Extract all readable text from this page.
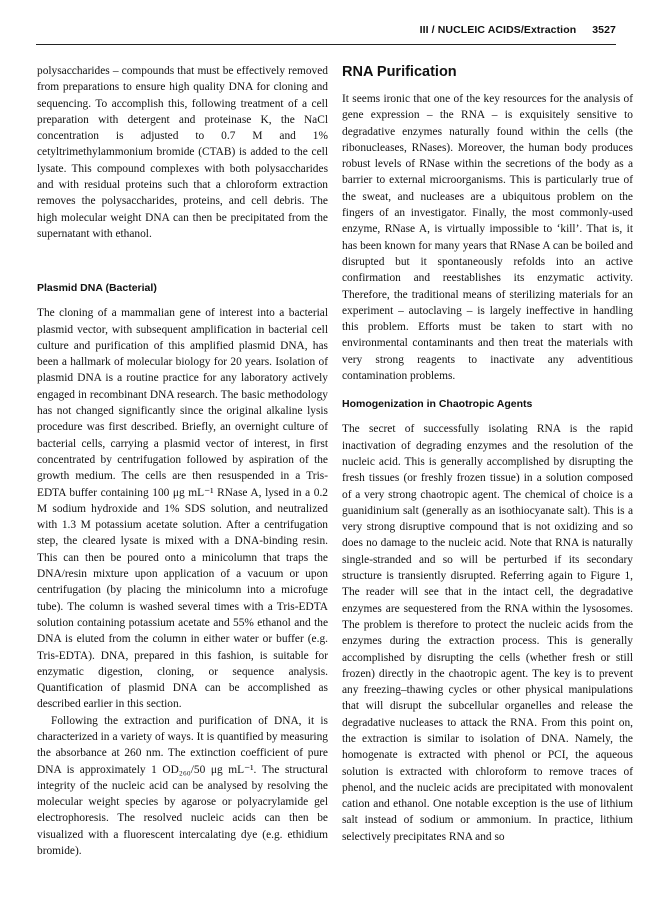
III / NUCLEIC ACIDS/Extraction 3527

polysaccharides – compounds that must be effectively removed from preparations to ensure high quality DNA for cloning and sequencing. To accomplish this, following treatment of a cell preparation with detergent and proteinase K, the NaCl concentration is adjusted to 0.7 M and 1% cetyltrimethylammonium bromide (CTAB) is added to the cell lysate. This compound complexes with both polysaccharides and with residual proteins such that a chloroform extraction removes the polysaccharides, proteins, and cell debris. The high molecular weight DNA can then be precipitated from the supernatant with ethanol.

Plasmid DNA (Bacterial)

The cloning of a mammalian gene of interest into a bacterial plasmid vector, with subsequent amplification in bacterial cell culture and purification of this amplified plasmid DNA, has been a hallmark of molecular biology for 20 years. Isolation of plasmid DNA is a routine practice for any laboratory actively engaged in recombinant DNA research. The basic methodology has not changed significantly since the original alkaline lysis procedure was first described. Briefly, an overnight culture of bacterial cells, carrying a plasmid vector of interest, in first concentrated by centrifugation followed by aspiration of the growth medium. The cells are then resuspended in a Tris-EDTA buffer containing 100 μg mL⁻¹ RNase A, lysed in a 0.2 M sodium hydroxide and 1% SDS solution, and neutralized with 1.3 M potassium acetate solution. After a centrifugation step, the cleared lysate is mixed with a DNA-binding resin. This can then be poured onto a minicolumn that traps the DNA/resin mixture upon application of a vacuum or upon centrifugation (by placing the minicolumn into a microfuge tube). The column is washed several times with a Tris-EDTA solution containing potassium acetate and 55% ethanol and the DNA is eluted from the column in either water or buffer (e.g. Tris-EDTA). DNA, prepared in this fashion, is suitable for enzymatic digestion, cloning, or sequence analysis. Quantification of plasmid DNA can be accomplished as described earlier in this section.

Following the extraction and purification of DNA, it is characterized in a variety of ways. It is quantified by measuring the absorbance at 260 nm. The extinction coefficient of pure DNA is approximately 1 OD₂₆₀/50 μg mL⁻¹. The structural integrity of the nucleic acid can be analysed by resolving the molecular weight species by agarose or polyacrylamide gel electrophoresis. The resolved nucleic acids can then be visualized with a fluorescent intercalating dye (e.g. ethidium bromide).

RNA Purification

It seems ironic that one of the key resources for the analysis of gene expression – the RNA – is exquisitely sensitive to degradative enzymes naturally found within the cells (the ribonucleases, RNases). Moreover, the human body produces robust levels of RNase within the secretions of the body as a barrier to external microorganisms. This is particularly true of the sweat, and nucleases are a ubiquitous problem on the fingers of an investigator. Finally, the most commonly-used enzyme, RNase A, is virtually impossible to ‘kill’. That is, it has been known for many years that RNase A can be boiled and disrupted but it spontaneously refolds into an active confirmation and reestablishes its enzymatic activity. Therefore, the traditional means of sterilizing materials for an experiment – autoclaving – is largely ineffective in handling this problem. Efforts must be taken to start with no environmental contaminants and then treat the materials with very strong reagents to inactivate any adventitious contamination problems.

Homogenization in Chaotropic Agents

The secret of successfully isolating RNA is the rapid inactivation of degrading enzymes and the resolution of the nucleic acid. This is generally accomplished by disrupting the fresh tissues (or freshly frozen tissue) in a solution composed of a very strong chaotropic agent. The chemical of choice is a guanidinium salt (generally as an isothiocyanate salt). This is a very strong disruptive compound that is not oxidizing and so does no damage to the nucleic acid. Note that RNA is naturally single-stranded and so will be perturbed if its secondary structure is transiently disrupted. Referring again to Figure 1, The reader will see that in the intact cell, the degradative enzymes are sequestered from the RNA within the lysosomes. The problem is therefore to protect the nucleic acids from the enzymes during the extraction process. This is generally accomplished by disrupting the cells (whether fresh or still frozen) directly in the chaotropic agent. The key is to prevent any freezing–thawing cycles or other physical manipulations that will disrupt the subcellular organelles and release the degradative nucleases to attack the RNA. From this point on, the extraction is similar to isolation of DNA. Namely, the homogenate is extracted with phenol or PCI, the aqueous solution is extracted with chloroform to remove traces of phenol, and the nucleic acids are precipitated with monovalent cation and ethanol. One notable exception is the use of lithium salt instead of sodium or ammonium. In practice, lithium selectively precipitates RNA and so
